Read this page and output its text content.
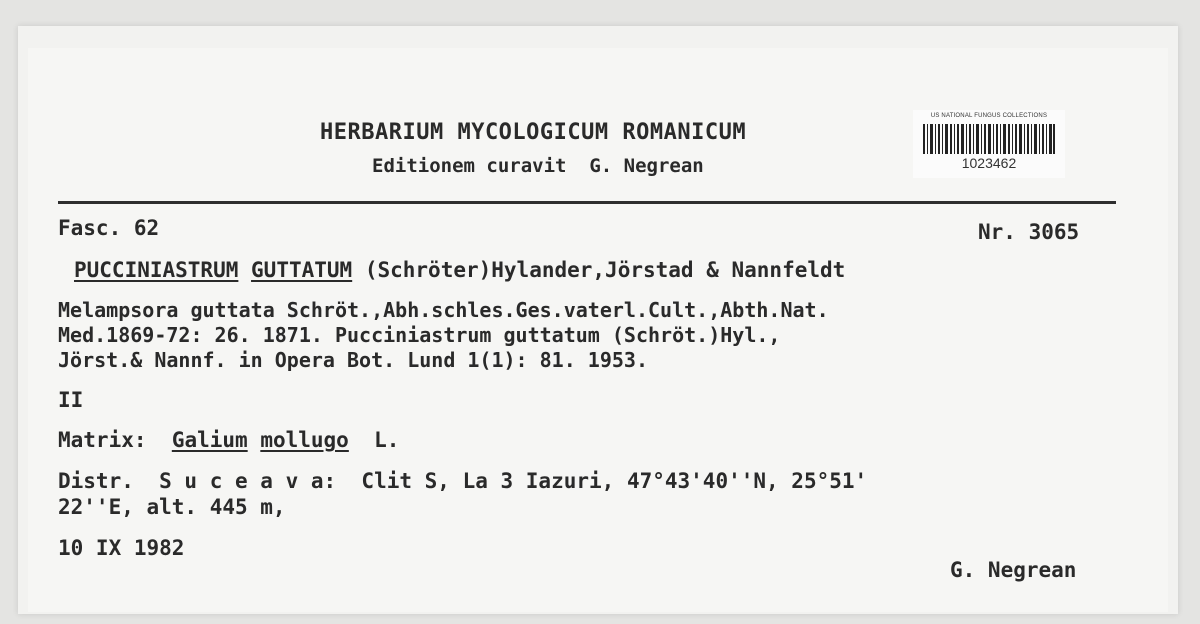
HERBARIUM MYCOLOGICUM ROMANICUM
Editionem curavit  G. Negrean
US NATIONAL FUNGUS COLLECTIONS
1023462
Fasc. 62	Nr. 3065
PUCCINIASTRUM GUTTATUM (Schröter)Hylander,Jörstad & Nannfeldt
Melampsora guttata Schröt.,Abh.schles.Ges.vaterl.Cult.,Abth.Nat.
Med.1869-72: 26. 1871. Pucciniastrum guttatum (Schröt.)Hyl.,
Jörst.& Nannf. in Opera Bot. Lund 1(1): 81. 1953.
II
Matrix: Galium mollugo L.
Distr.  S u c e a v a:  Clit S, La 3 Iazuri, 47°43'40''N, 25°51'
22''E, alt. 445 m,
10 IX 1982
G. Negrean
